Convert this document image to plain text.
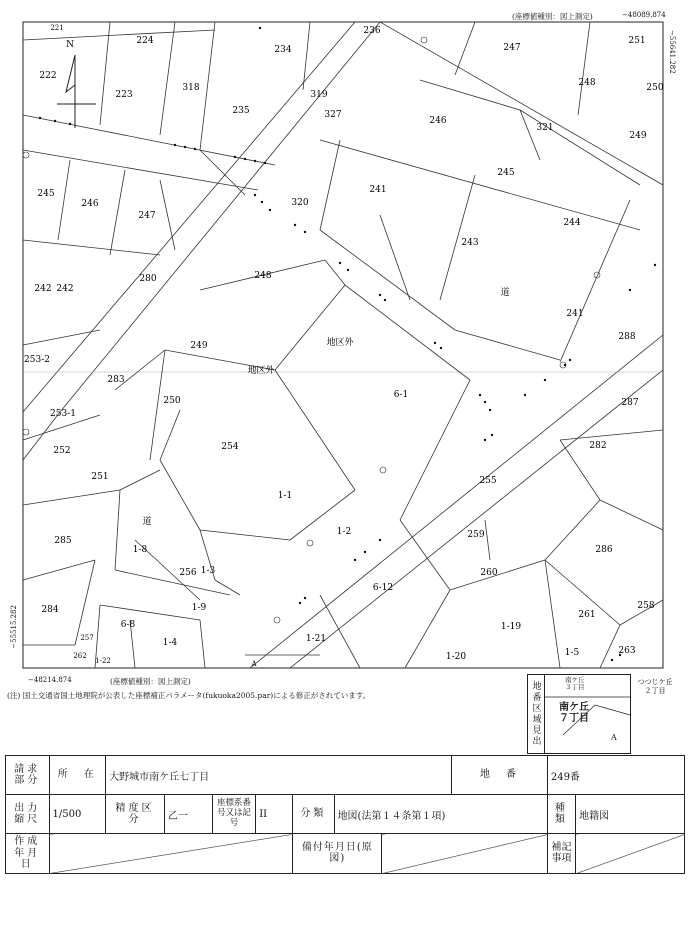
(座標値種別：図上測定)	−48089.874
−55641.282
−55515.282
−48214.874	(座標値種別：図上測定)
(注) 国土交通省国土地理院が公表した座標補正パラメータ(fukuoka2005.par)による修正がされています。
N
221
224
234
236
247
251
222
223
318
235
319
327
248	250
246
321
249
245
246
247
320
241
245
242
244
280	248
242
243
道
241
253-2
249	地区外
288
283
地区外
287
253-1
250
6-1
282
252	254
251
1-1
255
道
1-2	259
285
1-8	286
256 1-3
6-12
260
284	1-9	258
6-8
261
257	1-4	1-21
1-19
263
262
1-22	1-20	1-5
A
つつじケ丘２丁目
地番区域見出
南ケ丘
３丁目
南ケ丘
７丁目
A
請求部分	所　在	大野城市南ケ丘七丁目							地　番	249番	
出力縮尺	1/500	精度区分	乙一	座標系番号又は記号	II	分類	地図(法第１４条第１項)			種類	地籍図
作成年月日						備付年月日(原図)				補記事項	
